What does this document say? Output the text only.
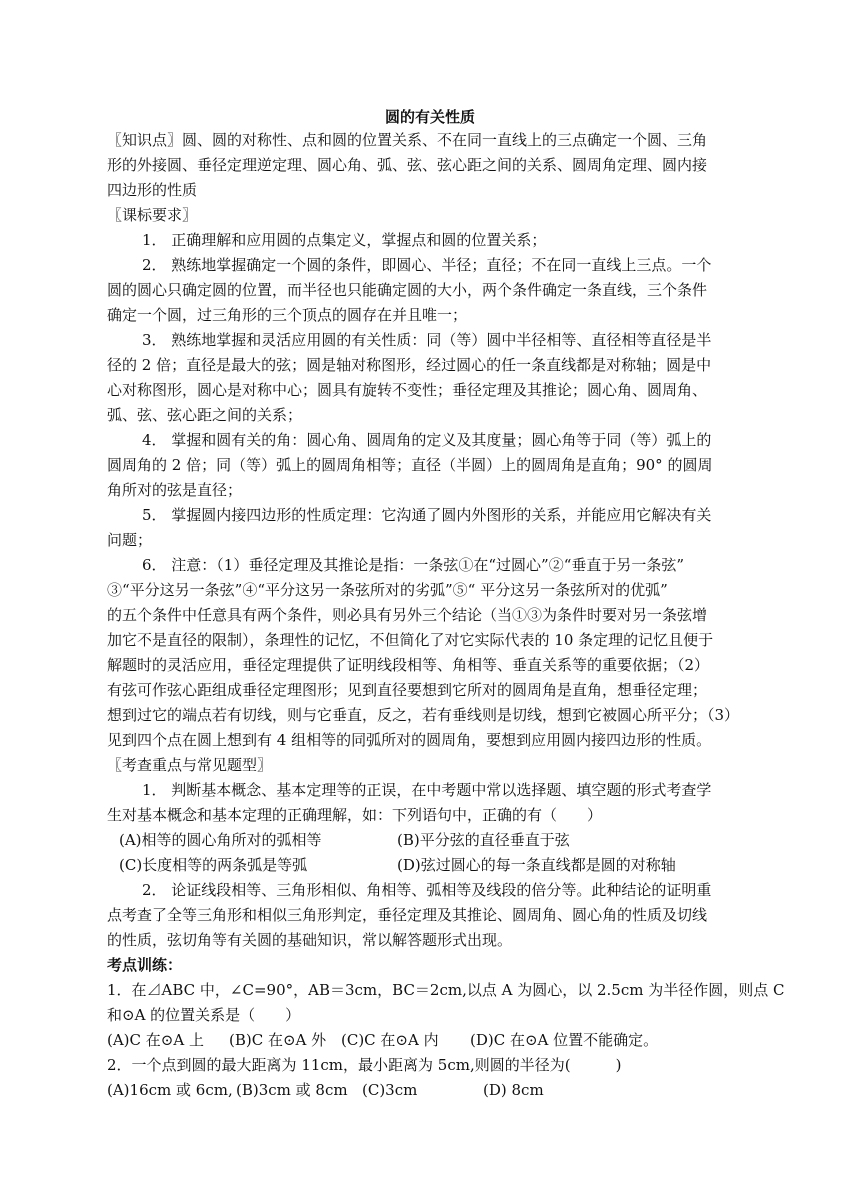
圆的有关性质
〖知识点〗圆、圆的对称性、点和圆的位置关系、不在同一直线上的三点确定一个圆、三角
形的外接圆、垂径定理逆定理、圆心角、弧、弦、弦心距之间的关系、圆周角定理、圆内接
四边形的性质
〖课标要求〗
1． 正确理解和应用圆的点集定义，掌握点和圆的位置关系；
2． 熟练地掌握确定一个圆的条件，即圆心、半径；直径；不在同一直线上三点。一个
圆的圆心只确定圆的位置，而半径也只能确定圆的大小，两个条件确定一条直线，三个条件
确定一个圆，过三角形的三个顶点的圆存在并且唯一；
3． 熟练地掌握和灵活应用圆的有关性质：同（等）圆中半径相等、直径相等直径是半
径的 2 倍；直径是最大的弦；圆是轴对称图形，经过圆心的任一条直线都是对称轴；圆是中
心对称图形，圆心是对称中心；圆具有旋转不变性；垂径定理及其推论；圆心角、圆周角、
弧、弦、弦心距之间的关系；
4． 掌握和圆有关的角：圆心角、圆周角的定义及其度量；圆心角等于同（等）弧上的
圆周角的 2 倍；同（等）弧上的圆周角相等；直径（半圆）上的圆周角是直角；90° 的圆周
角所对的弦是直径；
5． 掌握圆内接四边形的性质定理：它沟通了圆内外图形的关系，并能应用它解决有关
问题；
6． 注意：（1）垂径定理及其推论是指：一条弦①在“过圆心”②“垂直于另一条弦”
③“平分这另一条弦”④“平分这另一条弦所对的劣弧”⑤“ 平分这另一条弦所对的优弧”
的五个条件中任意具有两个条件，则必具有另外三个结论（当①③为条件时要对另一条弦增
加它不是直径的限制），条理性的记忆，不但简化了对它实际代表的 10 条定理的记忆且便于
解题时的灵活应用，垂径定理提供了证明线段相等、角相等、垂直关系等的重要依据；（2）
有弦可作弦心距组成垂径定理图形；见到直径要想到它所对的圆周角是直角，想垂径定理；
想到过它的端点若有切线，则与它垂直，反之，若有垂线则是切线，想到它被圆心所平分；（3）
见到四个点在圆上想到有 4 组相等的同弧所对的圆周角，要想到应用圆内接四边形的性质。
〖考查重点与常见题型〗
1． 判断基本概念、基本定理等的正误，在中考题中常以选择题、填空题的形式考查学
生对基本概念和基本定理的正确理解，如：下列语句中，正确的有（　　）
(A)相等的圆心角所对的弧相等	(B)平分弦的直径垂直于弦
(C)长度相等的两条弧是等弧	(D)弦过圆心的每一条直线都是圆的对称轴
2． 论证线段相等、三角形相似、角相等、弧相等及线段的倍分等。此种结论的证明重
点考查了全等三角形和相似三角形判定，垂径定理及其推论、圆周角、圆心角的性质及切线
的性质，弦切角等有关圆的基础知识，常以解答题形式出现。
考点训练：
1．在⊿ABC 中，∠C=90°，AB＝3cm，BC＝2cm,以点 A 为圆心，以 2.5cm 为半径作圆，则点 C
和⊙A 的位置关系是（　　）
(A)C 在⊙A 上 (B)C 在⊙A 外 (C)C 在⊙A 内 (D)C 在⊙A 位置不能确定。
2．一个点到圆的最大距离为 11cm，最小距离为 5cm,则圆的半径为(　　　)
(A)16cm 或 6cm, (B)3cm 或 8cm (C)3cm	(D) 8cm
